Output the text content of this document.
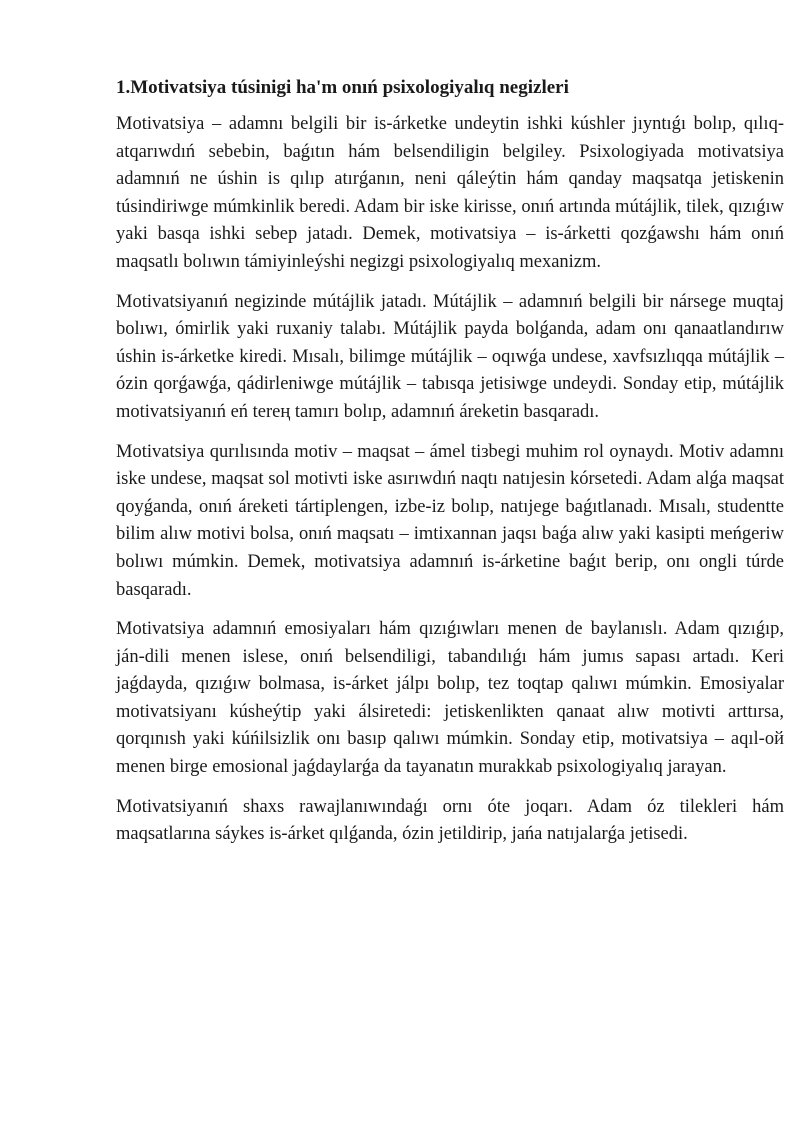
1.Motivatsiya túsinigi ha'm onıń psixologiyalıq negizleri

Motivatsiya – adamnı belgili bir is-árketke undeytin ishki kúshler jıyntıǵı bolıp, qılıq-atqarıwdıń sebebin, baǵıtın hám belsendiligin belgiley. Psixologiyada motivatsiya adamnıń ne úshin is qılıp atırǵanın, neni qáleýtin hám qanday maqsatqa jetiskenin túsindiriwge múmkinlik beredi. Adam bir iske kirisse, onıń artında mútájlik, tilek, qızıǵıw yaki basqa ishki sebep jatadı. Demek, motivatsiya – is-árketti qozǵawshı hám onıń maqsatlı bolıwın támiyinleýshi negizgi psixologiyalıq mexanizm.

Motivatsiyanıń negizinde mútájlik jatadı. Mútájlik – adamnıń belgili bir nársege muqtaj bolıwı, ómirlik yaki ruxaniy talabı. Mútájlik payda bolǵanda, adam onı qanaatlandırıw úshin is-árketke kiredi. Mısalı, bilimge mútájlik – oqıwǵa undese, xavfsızlıqqa mútájlik – ózin qorǵawǵa, qádirleniwge mútájlik – tabısqa jetisiwge undeydi. Sonday etip, mútájlik motivatsiyanıń eń tereң tamırı bolıp, adamnıń áreketin basqaradı.

Motivatsiya qurılısında motiv – maqsat – ámel tiзbegi muhim rol oynaydı. Motiv adamnı iske undese, maqsat sol motivti iske asırıwdıń naqtı natıjesin kórsetedi. Adam alǵa maqsat qoyǵanda, onıń áreketi tártiplengen, izbe-iz bolıp, natıjege baǵıtlanadı. Mısalı, studentte bilim alıw motivi bolsa, onıń maqsatı – imtixannan jaqsı baǵa alıw yaki kasipti meńgeriw bolıwı múmkin. Demek, motivatsiya adamnıń is-árketine baǵıt berip, onı ongli túrde basqaradı.

Motivatsiya adamnıń emosiyaları hám qızıǵıwları menen de baylanıslı. Adam qızıǵıp, ján-dili menen islese, onıń belsendiligi, tabandılıǵı hám jumıs sapası artadı. Keri jaǵdayda, qızıǵıw bolmasa, is-árket jálpı bolıp, tez toqtap qalıwı múmkin. Emosiyalar motivatsiyanı kúsheýtip yaki álsiretedi: jetiskenlikten qanaat alıw motivti arttırsa, qorqınısh yaki kúńilsizlik onı basıp qalıwı múmkin. Sonday etip, motivatsiya – aqıl-ой menen birge emosional jaǵdaylarǵa da tayanatın murakkab psixologiyalıq jarayan.

Motivatsiyanıń shaxs rawajlanıwındaǵı ornı óte joqarı. Adam óz tilekleri hám maqsatlarına sáykes is-árket qılǵanda, ózin jetildirip, jańa natıjalarǵa jetisedi.
